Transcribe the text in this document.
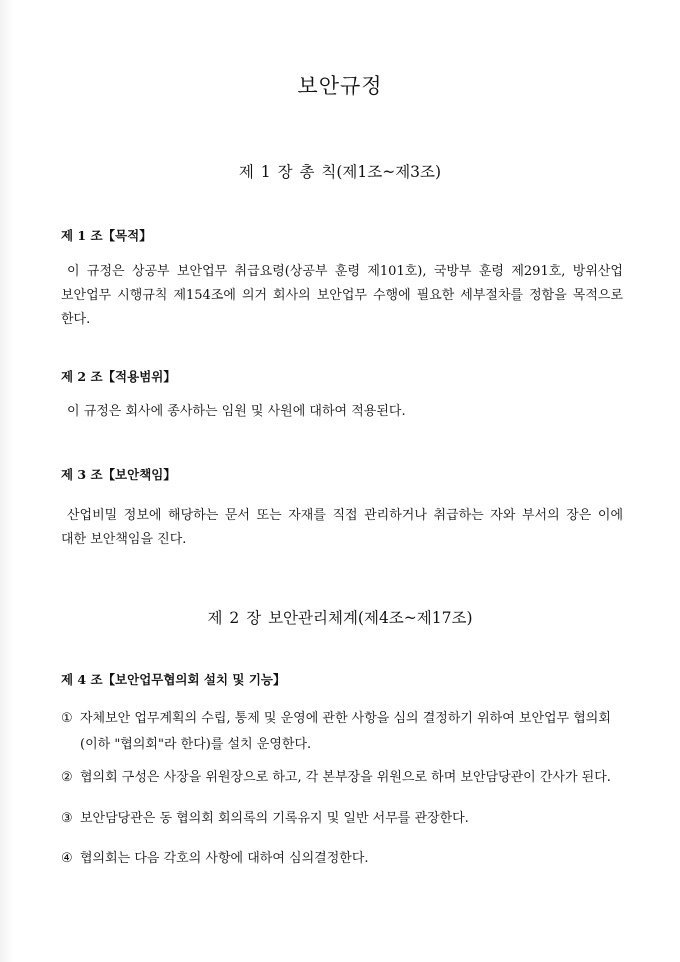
보안규정
제 1 장 총 칙(제1조~제3조)
제 1 조【목적】
이 규정은 상공부 보안업무 취급요령(상공부 훈령 제101호), 국방부 훈령 제291호, 방위산업 보안업무 시행규칙 제154조에 의거 회사의 보안업무 수행에 필요한 세부절차를 정함을 목적으로 한다.
제 2 조【적용범위】
이 규정은 회사에 종사하는 임원 및 사원에 대하여 적용된다.
제 3 조【보안책임】
산업비밀 정보에 해당하는 문서 또는 자재를 직접 관리하거나 취급하는 자와 부서의 장은 이에 대한 보안책임을 진다.
제 2 장 보안관리체계(제4조~제17조)
제 4 조【보안업무협의회 설치 및 기능】
① 자체보안 업무계획의 수립, 통제 및 운영에 관한 사항을 심의 결정하기 위하여 보안업무 협의회(이하 "협의회"라 한다)를 설치 운영한다.
② 협의회 구성은 사장을 위원장으로 하고, 각 본부장을 위원으로 하며 보안담당관이 간사가 된다.
③ 보안담당관은 동 협의회 회의록의 기록유지 및 일반 서무를 관장한다.
④ 협의회는 다음 각호의 사항에 대하여 심의결정한다.
